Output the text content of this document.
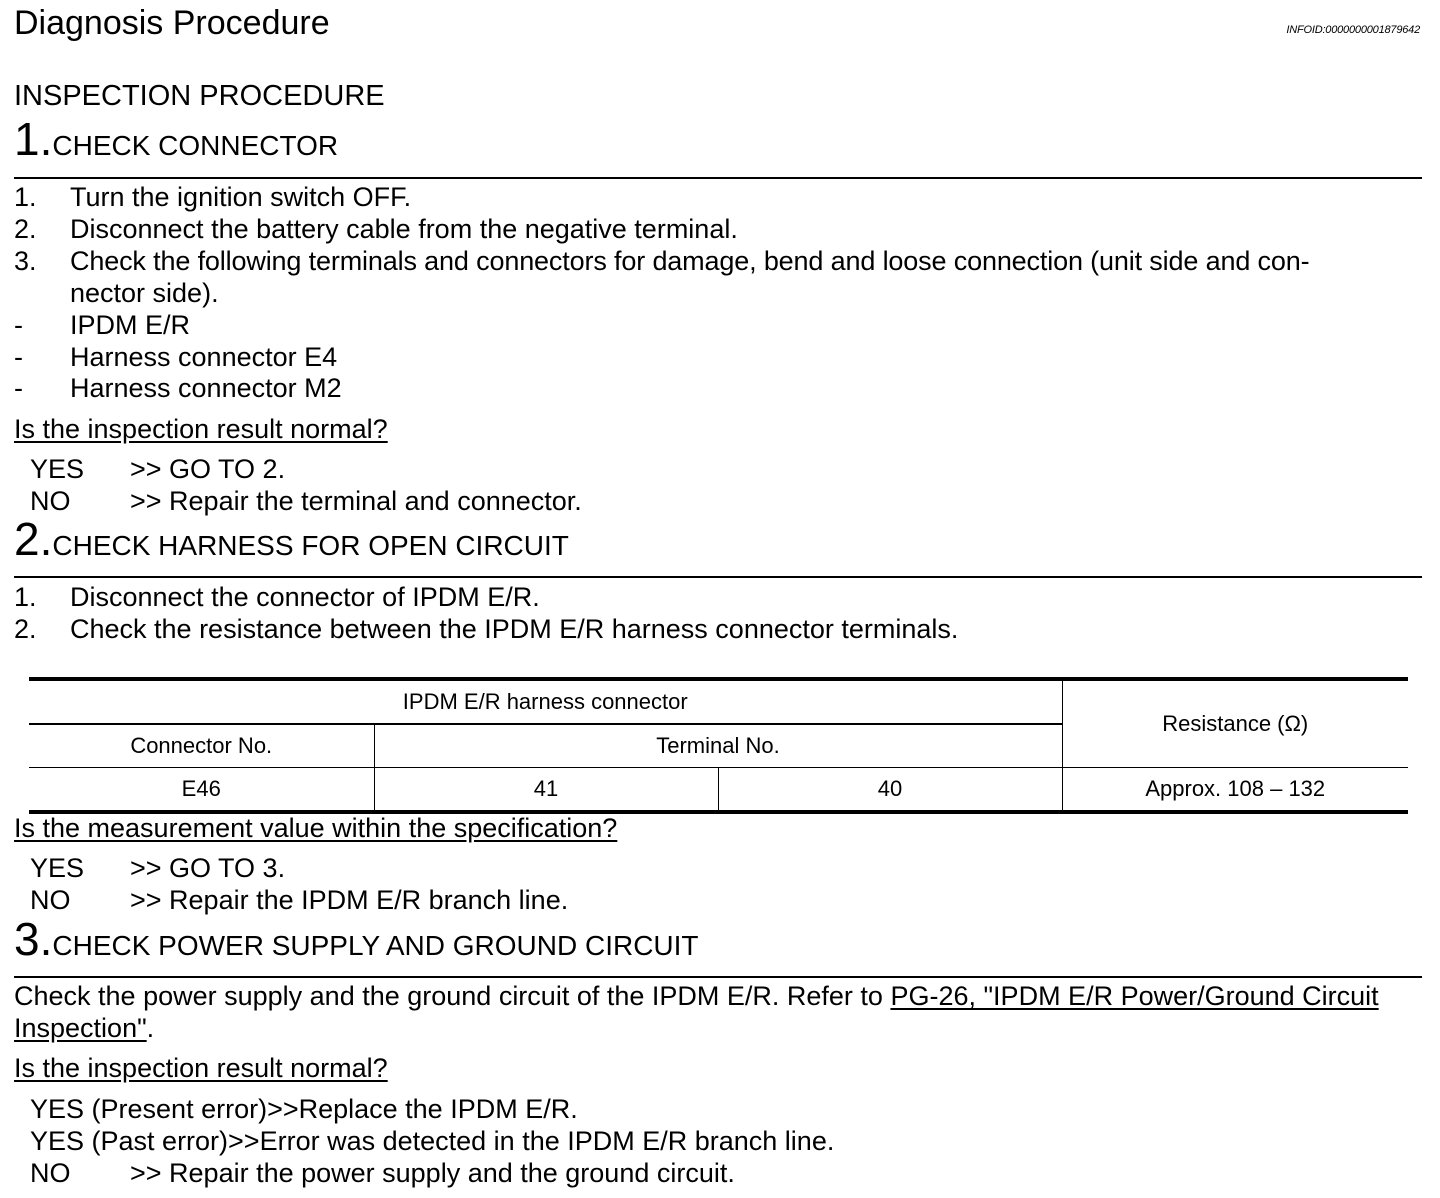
Diagnosis Procedure	INFOID:0000000001879642
INSPECTION PROCEDURE
1.CHECK CONNECTOR
1. Turn the ignition switch OFF.
2. Disconnect the battery cable from the negative terminal.
3. Check the following terminals and connectors for damage, bend and loose connection (unit side and con-
nector side).
- IPDM E/R
- Harness connector E4
- Harness connector M2
Is the inspection result normal?
YES >> GO TO 2.
NO >> Repair the terminal and connector.
2.CHECK HARNESS FOR OPEN CIRCUIT
1. Disconnect the connector of IPDM E/R.
2. Check the resistance between the IPDM E/R harness connector terminals.
IPDM E/R harness connector			Resistance (Ω)
Connector No.	Terminal No.		
E46	41	40	Approx. 108 – 132
Is the measurement value within the specification?
YES >> GO TO 3.
NO >> Repair the IPDM E/R branch line.
3.CHECK POWER SUPPLY AND GROUND CIRCUIT
Check the power supply and the ground circuit of the IPDM E/R. Refer to PG-26, "IPDM E/R Power/Ground Circuit Inspection".
Is the inspection result normal?
YES (Present error)>>Replace the IPDM E/R.
YES (Past error)>>Error was detected in the IPDM E/R branch line.
NO >> Repair the power supply and the ground circuit.
